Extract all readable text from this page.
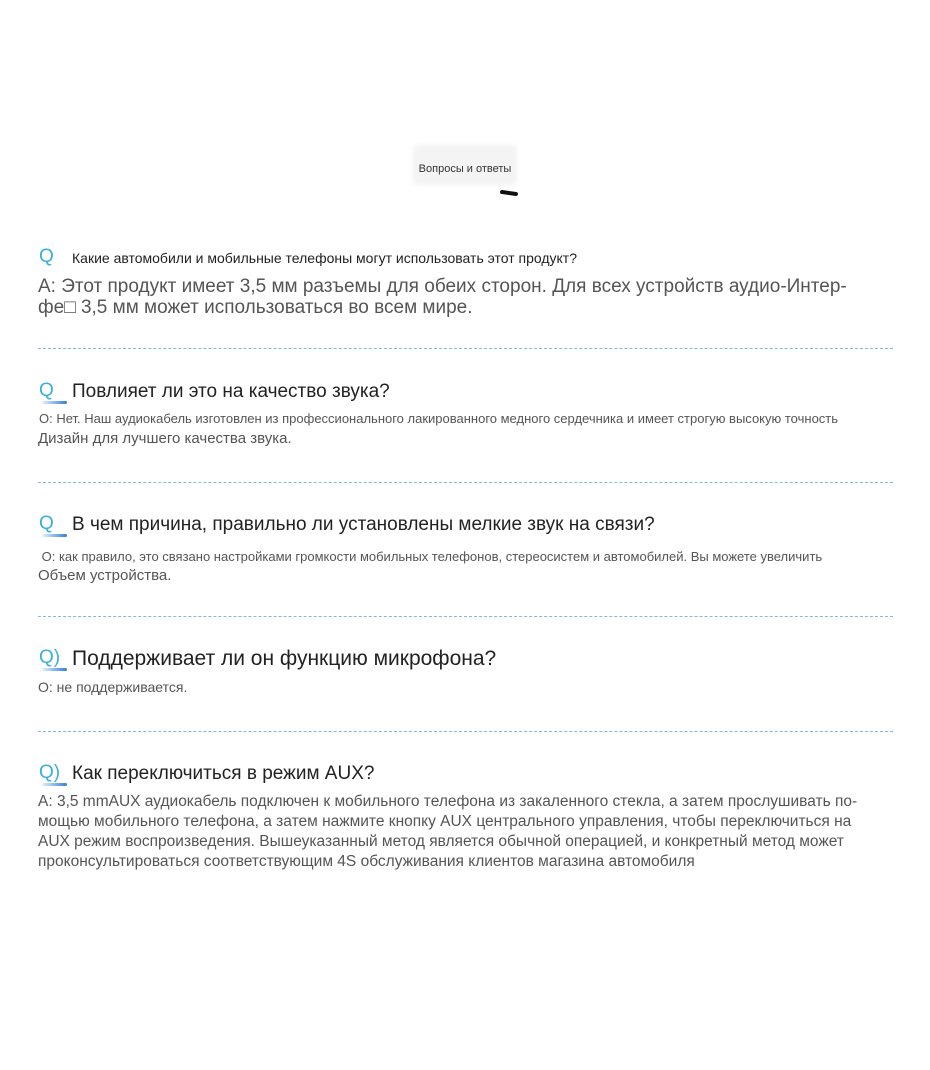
Вопросы и ответы
Q	Какие автомобили и мобильные телефоны могут использовать этот продукт?
A: Этот продукт имеет 3,5 мм разъемы для обеих сторон. Для всех устройств аудио-Интер-
фе□ 3,5 мм может использоваться во всем мире.
Q Повлияет ли это на качество звука?
О: Нет. Наш аудиокабель изготовлен из профессионального лакированного медного сердечника и имеет строгую высокую точность
Дизайн для лучшего качества звука.
Q В чем причина, правильно ли установлены мелкие звук на связи?
О: как правило, это связано настройками громкости мобильных телефонов, стереосистем и автомобилей. Вы можете увеличить
Объем устройства.
Q) Поддерживает ли он функцию микрофона?
О: не поддерживается.
Q) Как переключиться в режим AUX?
A: 3,5 mmAUX аудиокабель подключен к мобильного телефона из закаленного стекла, а затем прослушивать по-
мощью мобильного телефона, а затем нажмите кнопку AUX центрального управления, чтобы переключиться на
AUX режим воспроизведения. Вышеуказанный метод является обычной операцией, и конкретный метод может
проконсультироваться соответствующим 4S обслуживания клиентов магазина автомобиля
